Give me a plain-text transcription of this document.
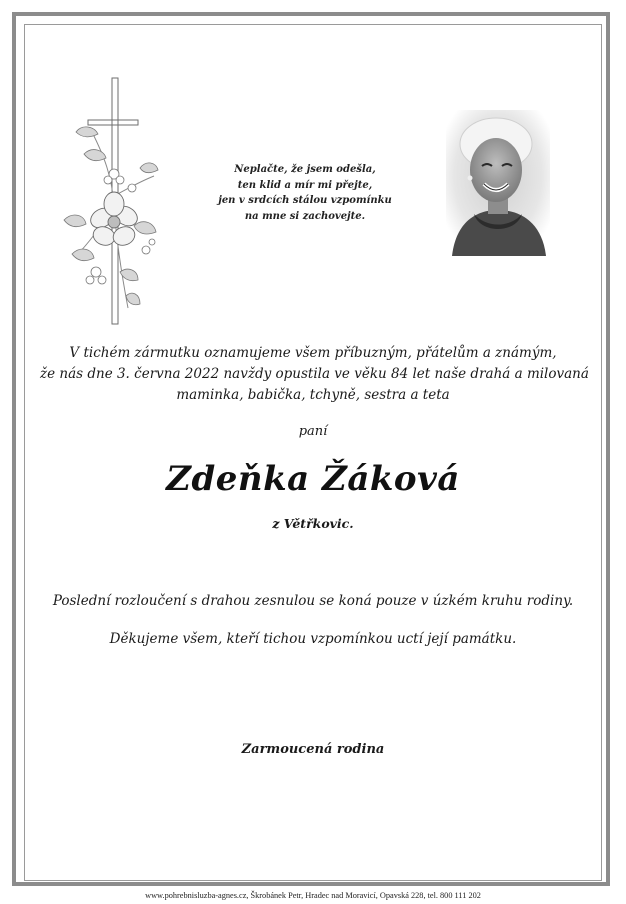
Neplačte, že jsem odešla,
ten klid a mír mi přejte,
jen v srdcích stálou vzpomínku
na mne si zachovejte.
V tichém zármutku oznamujeme všem příbuzným, přátelům a známým,
že nás dne 3. června 2022 navždy opustila ve věku 84 let naše drahá a milovaná
maminka, babička, tchyně, sestra a teta
paní
Zdeňka Žáková
z Větřkovic.
Poslední rozloučení s drahou zesnulou se koná pouze v úzkém kruhu rodiny.
Děkujeme všem, kteří tichou vzpomínkou uctí její památku.
Zarmoucená rodina
www.pohrebnisluzba-agnes.cz, Škrobánek Petr, Hradec nad Moravicí, Opavská 228, tel. 800 111 202
